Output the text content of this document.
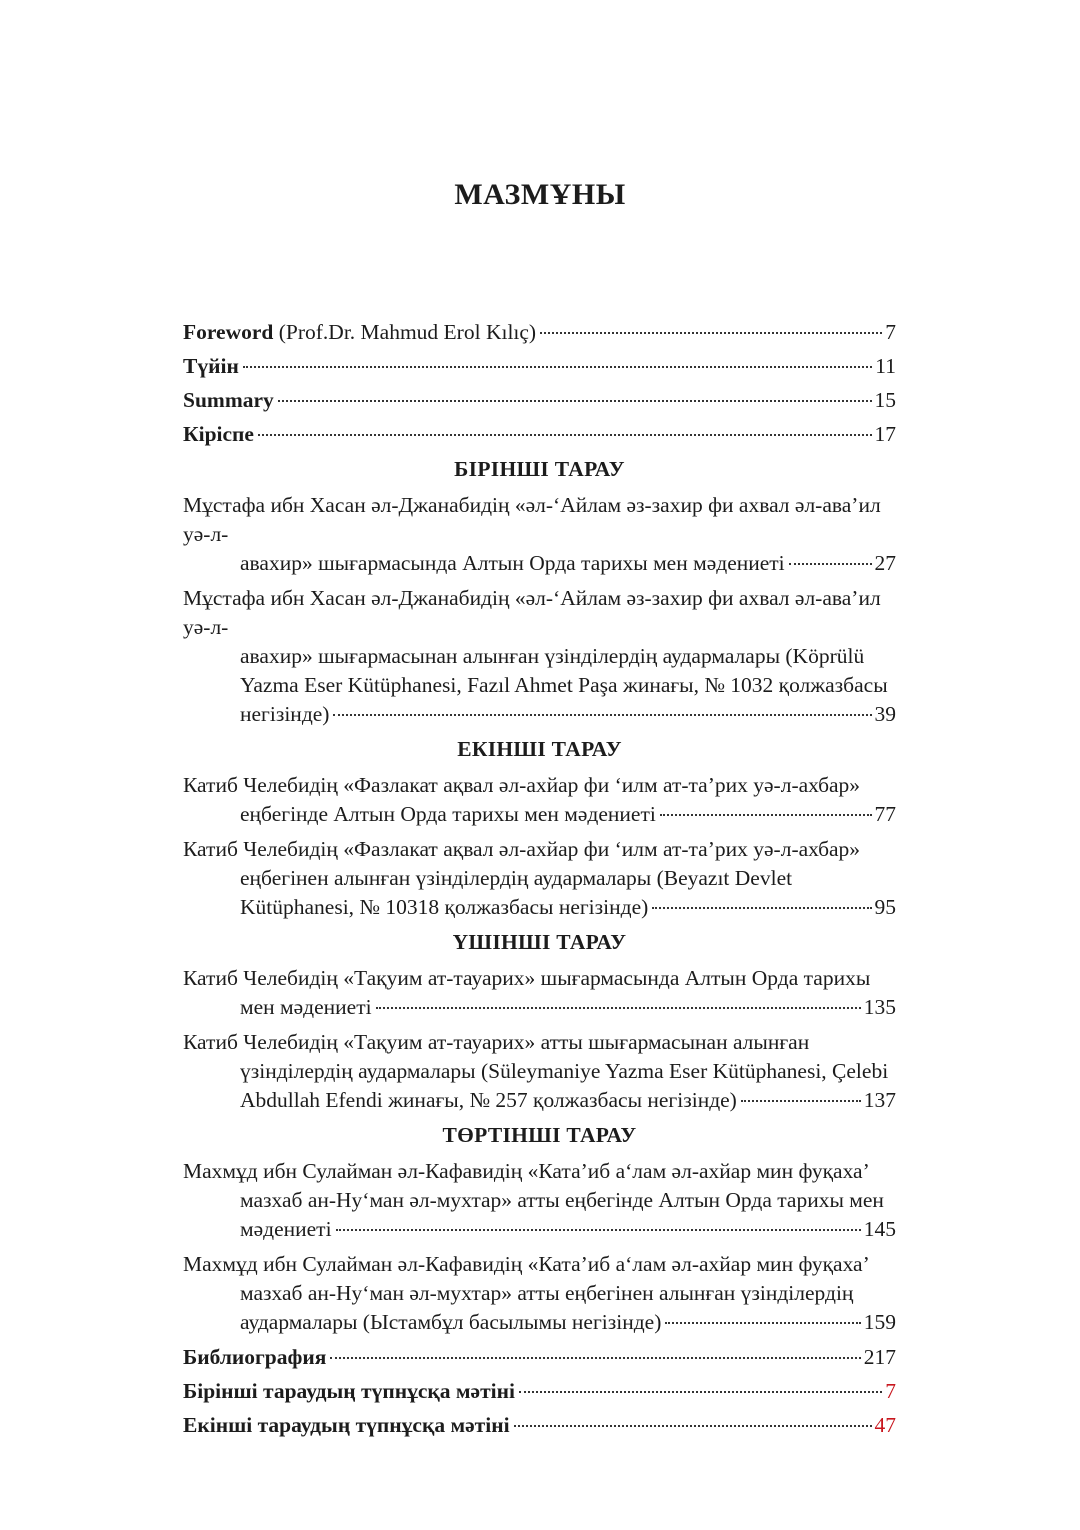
МАЗМҰНЫ
Foreword (Prof.Dr. Mahmud Erol Kılıç)	7
Түйін	11
Summary	15
Кіріспе	17
БІРІНШІ ТАРАУ
Мұстафа ибн Хасан әл-Джанабидің «әл-ʻАйлам әз-захир фи ахвал әл-аваʼил уә-л-
авахир» шығармасында Алтын Орда тарихы мен мәдениеті	27
Мұстафа ибн Хасан әл-Джанабидің «әл-ʻАйлам әз-захир фи ахвал әл-аваʼил уә-л-
авахир» шығармасынан алынған үзінділердің аудармалары (Köprülü
Yazma Eser Kütüphanesi, Fazıl Ahmet Paşa жинағы, № 1032 қолжазбасы
негізінде)	39
ЕКІНШІ ТАРАУ
Катиб Челебидің «Фазлакат ақвал әл-ахйар фи ʻилм ат-таʼрих уә-л-ахбар»
еңбегінде Алтын Орда тарихы мен мәдениеті	77
Катиб Челебидің «Фазлакат ақвал әл-ахйар фи ʻилм ат-таʼрих уә-л-ахбар»
еңбегінен алынған үзінділердің аудармалары (Beyazıt Devlet
Kütüphanesi, № 10318 қолжазбасы негізінде)	95
ҮШІНШІ ТАРАУ
Катиб Челебидің «Тақуим ат-тауарих» шығармасында Алтын Орда тарихы
мен мәдениеті	135
Катиб Челебидің «Тақуим ат-тауарих» атты шығармасынан алынған
үзінділердің аудармалары (Süleymaniye Yazma Eser Kütüphanesi, Çelebi
Abdullah Efendi жинағы, № 257 қолжазбасы негізінде)	137
ТӨРТІНШІ ТАРАУ
Махмұд ибн Сулайман әл-Кафавидің «Катаʼиб аʻлам әл-ахйар мин фуқахаʼ
мазхаб ан-Нуʻман әл-мухтар» атты еңбегінде Алтын Орда тарихы мен
мәдениеті	145
Махмұд ибн Сулайман әл-Кафавидің «Катаʼиб аʻлам әл-ахйар мин фуқахаʼ
мазхаб ан-Нуʻман әл-мухтар» атты еңбегінен алынған үзінділердің
аудармалары (Ыстамбұл басылымы негізінде)	159
Библиография	217
Бірінші тараудың түпнұсқа мәтіні	7
Екінші тараудың түпнұсқа мәтіні	47
